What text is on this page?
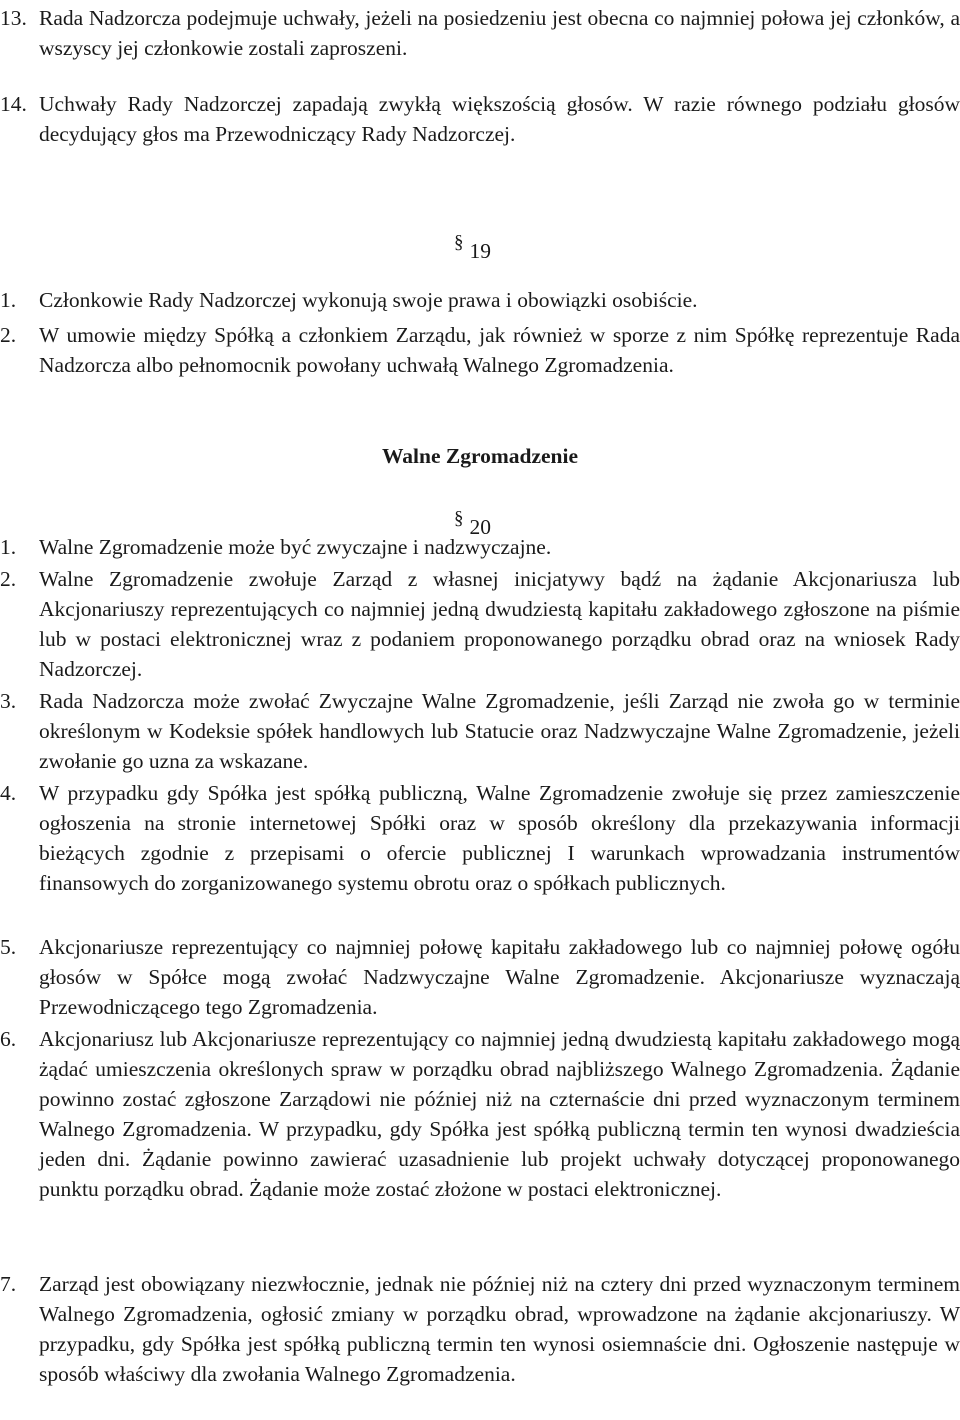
13. Rada Nadzorcza podejmuje uchwały, jeżeli na posiedzeniu jest obecna co najmniej połowa jej członków, a wszyscy jej członkowie zostali zaproszeni.
14. Uchwały Rady Nadzorczej zapadają zwykłą większością głosów. W razie równego podziału głosów decydujący głos ma Przewodniczący Rady Nadzorczej.
§ 19
1. Członkowie Rady Nadzorczej wykonują swoje prawa i obowiązki osobiście.
2. W umowie między Spółką a członkiem Zarządu, jak również w sporze z nim Spółkę reprezentuje Rada Nadzorcza albo pełnomocnik powołany uchwałą Walnego Zgromadzenia.
Walne Zgromadzenie
§ 20
1. Walne Zgromadzenie może być zwyczajne i nadzwyczajne.
2. Walne Zgromadzenie zwołuje Zarząd z własnej inicjatywy bądź na żądanie Akcjonariusza lub Akcjonariuszy reprezentujących co najmniej jedną dwudziestą kapitału zakładowego zgłoszone na piśmie lub w postaci elektronicznej wraz z podaniem proponowanego porządku obrad oraz na wniosek Rady Nadzorczej.
3. Rada Nadzorcza może zwołać Zwyczajne Walne Zgromadzenie, jeśli Zarząd nie zwoła go w terminie określonym w Kodeksie spółek handlowych lub Statucie oraz Nadzwyczajne Walne Zgromadzenie, jeżeli zwołanie go uzna za wskazane.
4. W przypadku gdy Spółka jest spółką publiczną, Walne Zgromadzenie zwołuje się przez zamieszczenie ogłoszenia na stronie internetowej Spółki oraz w sposób określony dla przekazywania informacji bieżących zgodnie z przepisami o ofercie publicznej I warunkach wprowadzania instrumentów finansowych do zorganizowanego systemu obrotu oraz o spółkach publicznych.
5. Akcjonariusze reprezentujący co najmniej połowę kapitału zakładowego lub co najmniej połowę ogółu głosów w Spółce mogą zwołać Nadzwyczajne Walne Zgromadzenie. Akcjonariusze wyznaczają Przewodniczącego tego Zgromadzenia.
6. Akcjonariusz lub Akcjonariusze reprezentujący co najmniej jedną dwudziestą kapitału zakładowego mogą żądać umieszczenia określonych spraw w porządku obrad najbliższego Walnego Zgromadzenia. Żądanie powinno zostać zgłoszone Zarządowi nie później niż na czternaście dni przed wyznaczonym terminem Walnego Zgromadzenia. W przypadku, gdy Spółka jest spółką publiczną termin ten wynosi dwadzieścia jeden dni. Żądanie powinno zawierać uzasadnienie lub projekt uchwały dotyczącej proponowanego punktu porządku obrad. Żądanie może zostać złożone w postaci elektronicznej.
7. Zarząd jest obowiązany niezwłocznie, jednak nie później niż na cztery dni przed wyznaczonym terminem Walnego Zgromadzenia, ogłosić zmiany w porządku obrad, wprowadzone na żądanie akcjonariuszy. W przypadku, gdy Spółka jest spółką publiczną termin ten wynosi osiemnaście dni. Ogłoszenie następuje w sposób właściwy dla zwołania Walnego Zgromadzenia.
